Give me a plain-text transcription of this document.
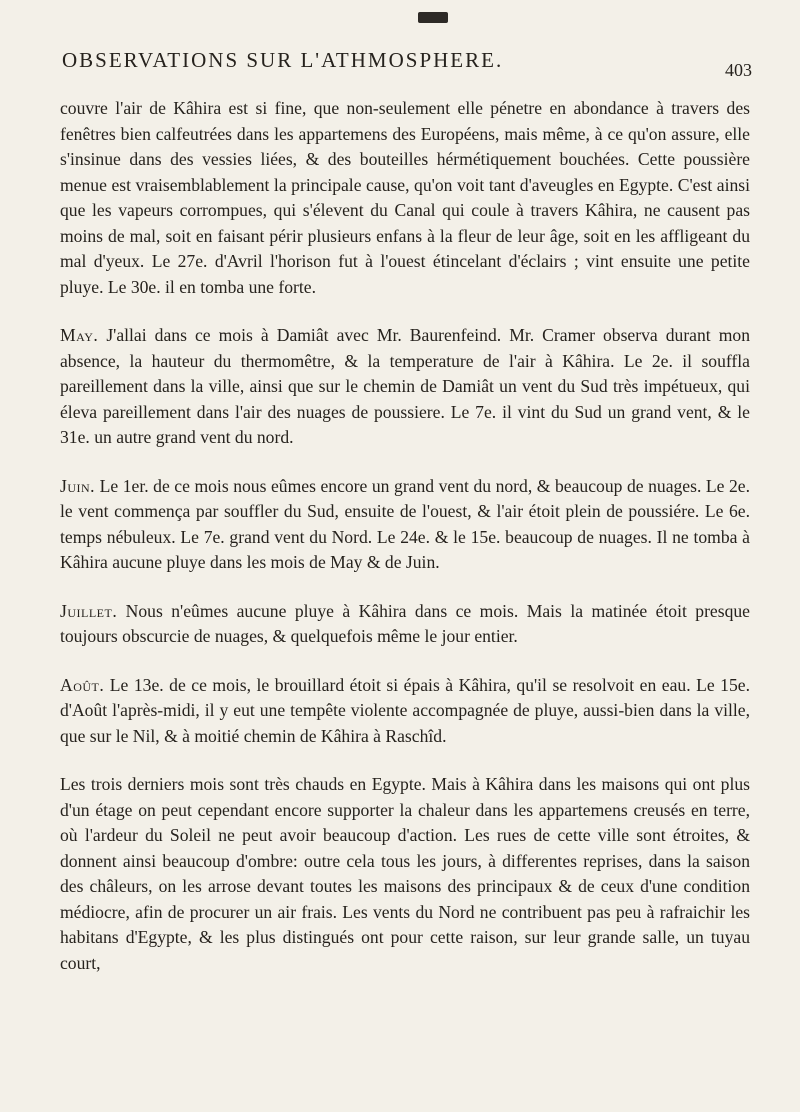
OBSERVATIONS SUR L'ATHMOSPHERE.	403

couvre l'air de Kâhira est si fine, que non-seulement elle pénetre en abondance à travers des fenêtres bien calfeutrées dans les appartemens des Européens, mais même, à ce qu'on assure, elle s'insinue dans des vessies liées, & des bouteilles hérmétiquement bouchées. Cette poussière menue est vraisemblablement la principale cause, qu'on voit tant d'aveugles en Egypte. C'est ainsi que les vapeurs corrompues, qui s'élevent du Canal qui coule à travers Kâhira, ne causent pas moins de mal, soit en faisant périr plusieurs enfans à la fleur de leur âge, soit en les affligeant du mal d'yeux. Le 27e. d'Avril l'horison fut à l'ouest étincelant d'éclairs ; vint ensuite une petite pluye. Le 30e. il en tomba une forte.

May. J'allai dans ce mois à Damiât avec Mr. Baurenfeind. Mr. Cramer observa durant mon absence, la hauteur du thermomêtre, & la temperature de l'air à Kâhira. Le 2e. il souffla pareillement dans la ville, ainsi que sur le chemin de Damiât un vent du Sud très impétueux, qui éleva pareillement dans l'air des nuages de poussiere. Le 7e. il vint du Sud un grand vent, & le 31e. un autre grand vent du nord.

Juin. Le 1er. de ce mois nous eûmes encore un grand vent du nord, & beaucoup de nuages. Le 2e. le vent commença par souffler du Sud, ensuite de l'ouest, & l'air étoit plein de poussiére. Le 6e. temps nébuleux. Le 7e. grand vent du Nord. Le 24e. & le 15e. beaucoup de nuages. Il ne tomba à Kâhira aucune pluye dans les mois de May & de Juin.

Juillet. Nous n'eûmes aucune pluye à Kâhira dans ce mois. Mais la matinée étoit presque toujours obscurcie de nuages, & quelquefois même le jour entier.

Août. Le 13e. de ce mois, le brouillard étoit si épais à Kâhira, qu'il se resolvoit en eau. Le 15e. d'Août l'après-midi, il y eut une tempête violente accompagnée de pluye, aussi-bien dans la ville, que sur le Nil, & à moitié chemin de Kâhira à Raschîd.

Les trois derniers mois sont très chauds en Egypte. Mais à Kâhira dans les maisons qui ont plus d'un étage on peut cependant encore supporter la chaleur dans les appartemens creusés en terre, où l'ardeur du Soleil ne peut avoir beaucoup d'action. Les rues de cette ville sont étroites, & donnent ainsi beaucoup d'ombre: outre cela tous les jours, à differentes reprises, dans la saison des châleurs, on les arrose devant toutes les maisons des principaux & de ceux d'une condition médiocre, afin de procurer un air frais. Les vents du Nord ne contribuent pas peu à rafraichir les habitans d'Egypte, & les plus distingués ont pour cette raison, sur leur grande salle, un tuyau court,
